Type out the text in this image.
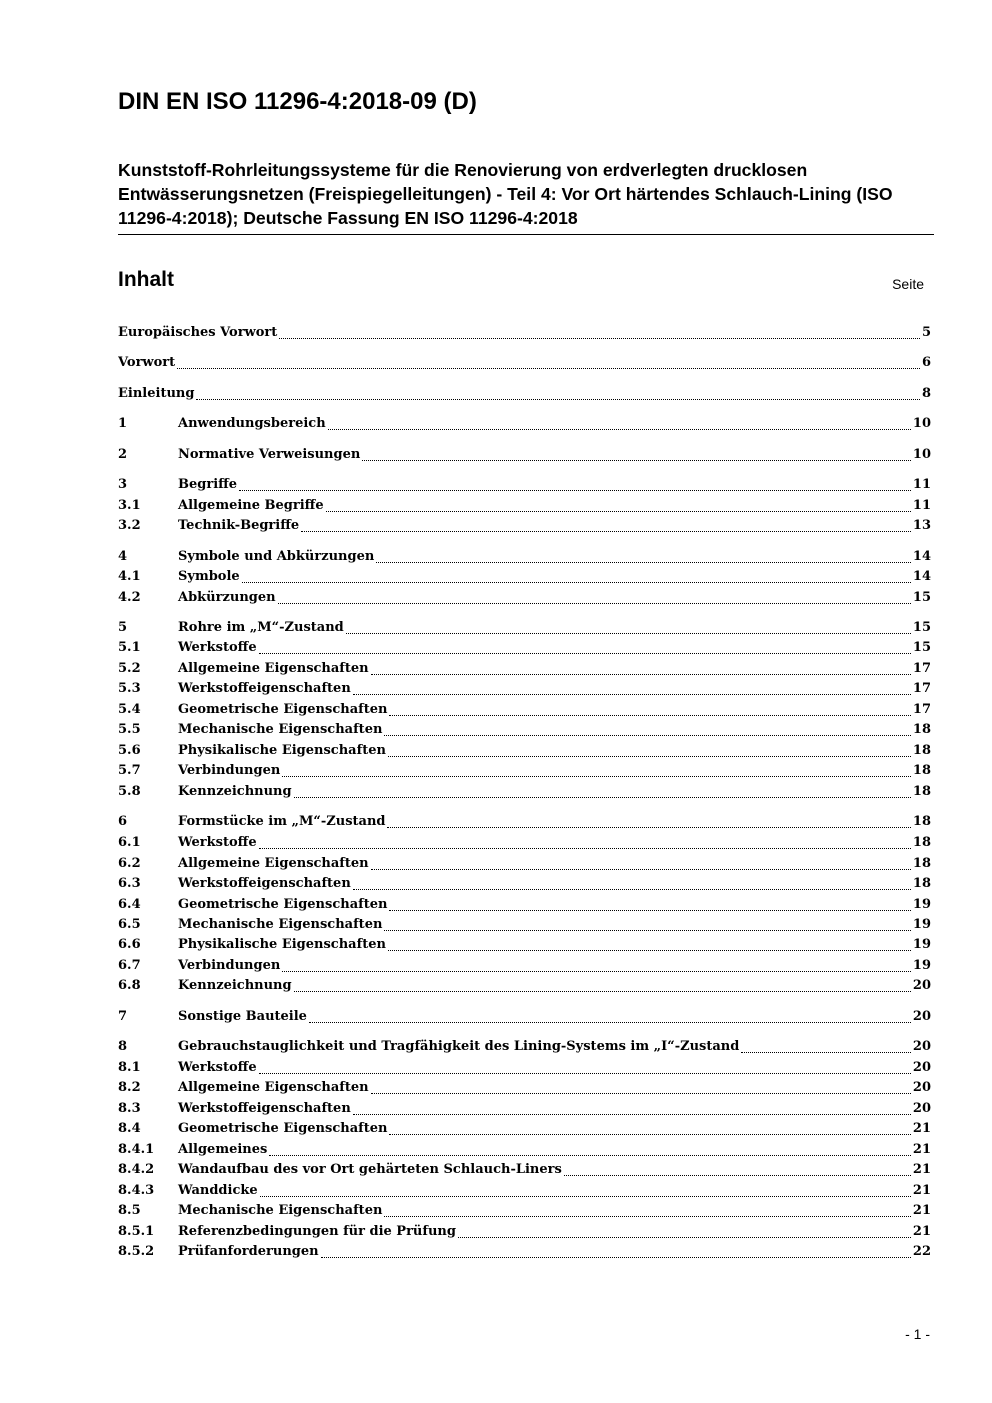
DIN EN ISO 11296-4:2018-09 (D)

Kunststoff-Rohrleitungssysteme für die Renovierung von erdverlegten drucklosen Entwässerungsnetzen (Freispiegelleitungen) - Teil 4: Vor Ort härtendes Schlauch-Lining (ISO 11296-4:2018); Deutsche Fassung EN ISO 11296-4:2018

Inhalt	Seite
Europäisches Vorwort	5
Vorwort	6
Einleitung	8
1	Anwendungsbereich	10
2	Normative Verweisungen	10
3	Begriffe	11
3.1	Allgemeine Begriffe	11
3.2	Technik-Begriffe	13
4	Symbole und Abkürzungen	14
4.1	Symbole	14
4.2	Abkürzungen	15
5	Rohre im „M“-Zustand	15
5.1	Werkstoffe	15
5.2	Allgemeine Eigenschaften	17
5.3	Werkstoffeigenschaften	17
5.4	Geometrische Eigenschaften	17
5.5	Mechanische Eigenschaften	18
5.6	Physikalische Eigenschaften	18
5.7	Verbindungen	18
5.8	Kennzeichnung	18
6	Formstücke im „M“-Zustand	18
6.1	Werkstoffe	18
6.2	Allgemeine Eigenschaften	18
6.3	Werkstoffeigenschaften	18
6.4	Geometrische Eigenschaften	19
6.5	Mechanische Eigenschaften	19
6.6	Physikalische Eigenschaften	19
6.7	Verbindungen	19
6.8	Kennzeichnung	20
7	Sonstige Bauteile	20
8	Gebrauchstauglichkeit und Tragfähigkeit des Lining-Systems im „I“-Zustand	20
8.1	Werkstoffe	20
8.2	Allgemeine Eigenschaften	20
8.3	Werkstoffeigenschaften	20
8.4	Geometrische Eigenschaften	21
8.4.1	Allgemeines	21
8.4.2	Wandaufbau des vor Ort gehärteten Schlauch-Liners	21
8.4.3	Wanddicke	21
8.5	Mechanische Eigenschaften	21
8.5.1	Referenzbedingungen für die Prüfung	21
8.5.2	Prüfanforderungen	22
- 1 -
